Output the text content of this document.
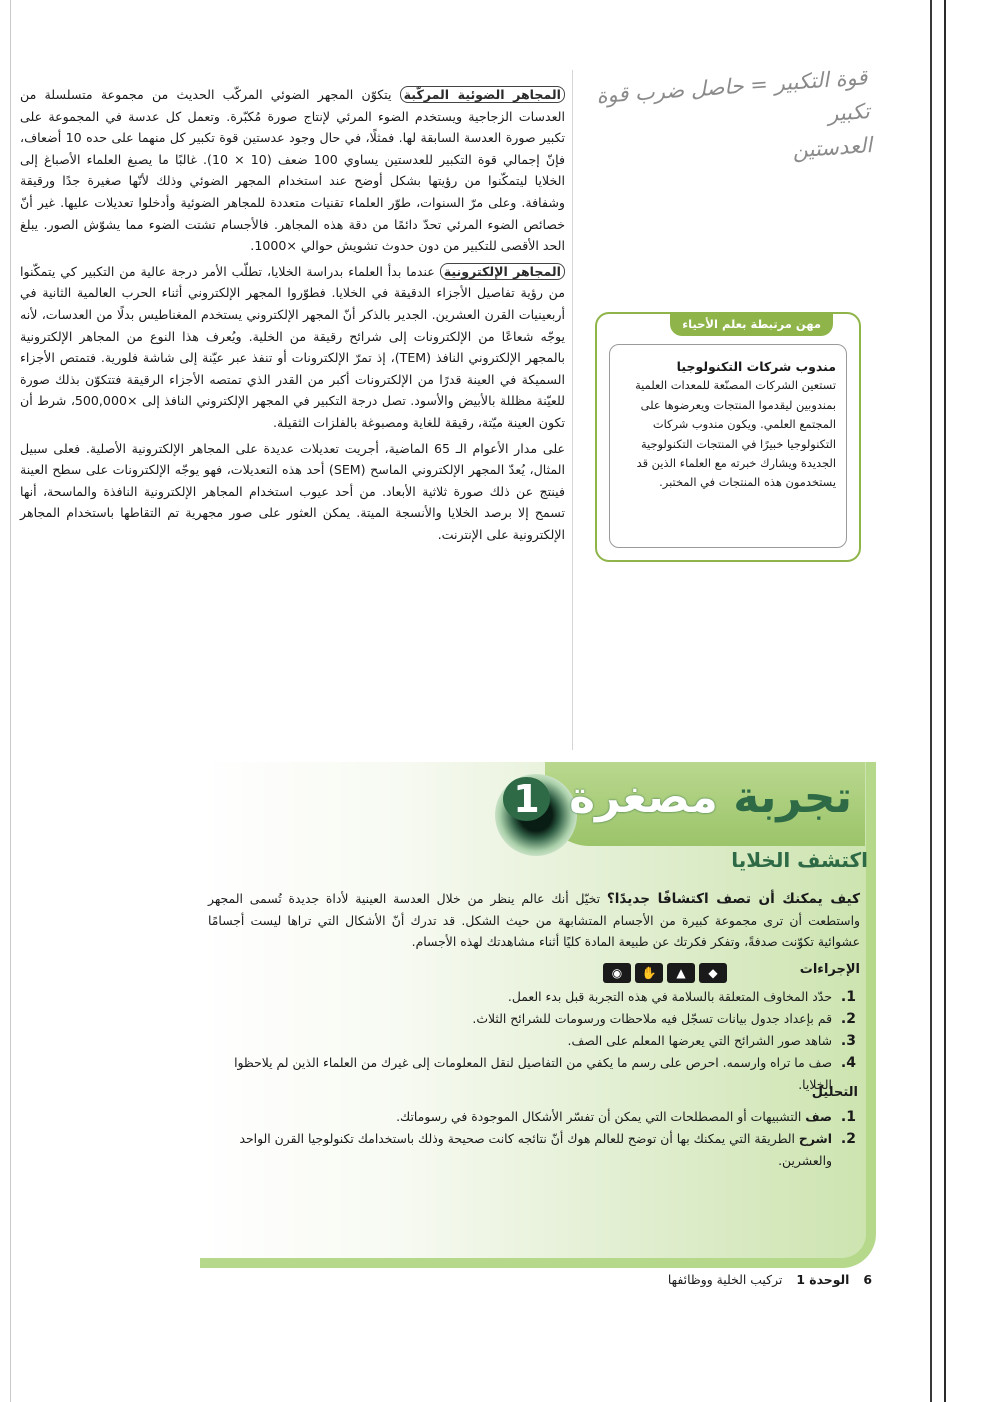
قوة التكبير = حاصل ضرب قوة تكبير
العدستين

المجاهر الضوئية المركّبة يتكوّن المجهر الضوئي المركّب الحديث من مجموعة متسلسلة من العدسات الزجاجية ويستخدم الضوء المرئي لإنتاج صورة مُكبّرة. وتعمل كل عدسة في المجموعة على تكبير صورة العدسة السابقة لها. فمثلًا، في حال وجود عدستين قوة تكبير كل منهما على حده 10 أضعاف، فإنّ إجمالي قوة التكبير للعدستين يساوي 100 ضعف (10 × 10). غالبًا ما يصبغ العلماء الأصباغ إلى الخلايا ليتمكّنوا من رؤيتها بشكل أوضح عند استخدام المجهر الضوئي وذلك لأنّها صغيرة جدًا ورقيقة وشفافة. وعلى مرّ السنوات، طوّر العلماء تقنيات متعددة للمجاهر الضوئية وأدخلوا تعديلات عليها. غير أنّ خصائص الضوء المرئي تحدّ دائمًا من دقة هذه المجاهر. فالأجسام تشتت الضوء مما يشوّش الصور. يبلغ الحد الأقصى للتكبير من دون حدوث تشويش حوالي ×1000.

المجاهر الإلكترونية عندما بدأ العلماء بدراسة الخلايا، تطلّب الأمر درجة عالية من التكبير كي يتمكّنوا من رؤية تفاصيل الأجزاء الدقيقة في الخلايا. فطوّروا المجهر الإلكتروني أثناء الحرب العالمية الثانية في أربعينيات القرن العشرين. الجدير بالذكر أنّ المجهر الإلكتروني يستخدم المغناطيس بدلًا من العدسات، لأنه يوجّه شعاعًا من الإلكترونات إلى شرائح رقيقة من الخلية. ويُعرف هذا النوع من المجاهر الإلكترونية بالمجهر الإلكتروني النافذ (TEM)، إذ تمرّ الإلكترونات أو تنفذ عبر عيّنة إلى شاشة فلورية. فتمتص الأجزاء السميكة في العينة قدرًا من الإلكترونات أكبر من القدر الذي تمتصه الأجزاء الرقيقة فتتكوّن بذلك صورة للعيّنة مظللة بالأبيض والأسود. تصل درجة التكبير في المجهر الإلكتروني النافذ إلى ×500,000، شرط أن تكون العينة ميّتة، رقيقة للغاية ومصبوغة بالفلزات الثقيلة.

على مدار الأعوام الـ 65 الماضية، أجريت تعديلات عديدة على المجاهر الإلكترونية الأصلية. فعلى سبيل المثال، يُعدّ المجهر الإلكتروني الماسح (SEM) أحد هذه التعديلات، فهو يوجّه الإلكترونات على سطح العينة فينتج عن ذلك صورة ثلاثية الأبعاد. من أحد عيوب استخدام المجاهر الإلكترونية النافذة والماسحة، أنها تسمح إلا برصد الخلايا والأنسجة الميتة. يمكن العثور على صور مجهرية تم التقاطها باستخدام المجاهر الإلكترونية على الإنترنت.

مهن مرتبطة بعلم الأحياء

مندوب شركات التكنولوجيا

تستعين الشركات المصنّعة للمعدات العلمية بمندوبين ليقدموا المنتجات ويعرضوها على المجتمع العلمي. ويكون مندوب شركات التكنولوجيا خبيرًا في المنتجات التكنولوجية الجديدة ويشارك خبرته مع العلماء الذين قد يستخدمون هذه المنتجات في المختبر.

تجربة مصغرة 1
اكتشف الخلايا
كيف يمكنك أن تصف اكتشافًا جديدًا؟ تخيّل أنك عالم ينظر من خلال العدسة العينية لأداة جديدة تُسمى المجهر واستطعت أن ترى مجموعة كبيرة من الأجسام المتشابهة من حيث الشكل. قد تدرك أنّ الأشكال التي تراها ليست أجسامًا عشوائية تكوّنت صدفةً، وتفكر فكرتك عن طبيعة المادة كليًا أثناء مشاهدتك لهذه الأجسام.
الإجراءات
◉	✋	▲	◆
1.
حدّد المخاوف المتعلقة بالسلامة في هذه التجربة قبل بدء العمل.
2.
قم بإعداد جدول بيانات تسجّل فيه ملاحظات ورسومات للشرائح الثلاث.
3.
شاهد صور الشرائح التي يعرضها المعلم على الصف.
4.
صف ما تراه وارسمه. احرص على رسم ما يكفي من التفاصيل لنقل المعلومات إلى غيرك من العلماء الذين لم يلاحظوا الخلايا.
التحليل
1.
صف التشبيهات أو المصطلحات التي يمكن أن تفسّر الأشكال الموجودة في رسوماتك.
2.
اشرح الطريقة التي يمكنك بها أن توضح للعالم هوك أنّ نتائجه كانت صحيحة وذلك باستخدامك تكنولوجيا القرن الواحد والعشرين.
6
الوحدة 1
تركيب الخلية ووظائفها
